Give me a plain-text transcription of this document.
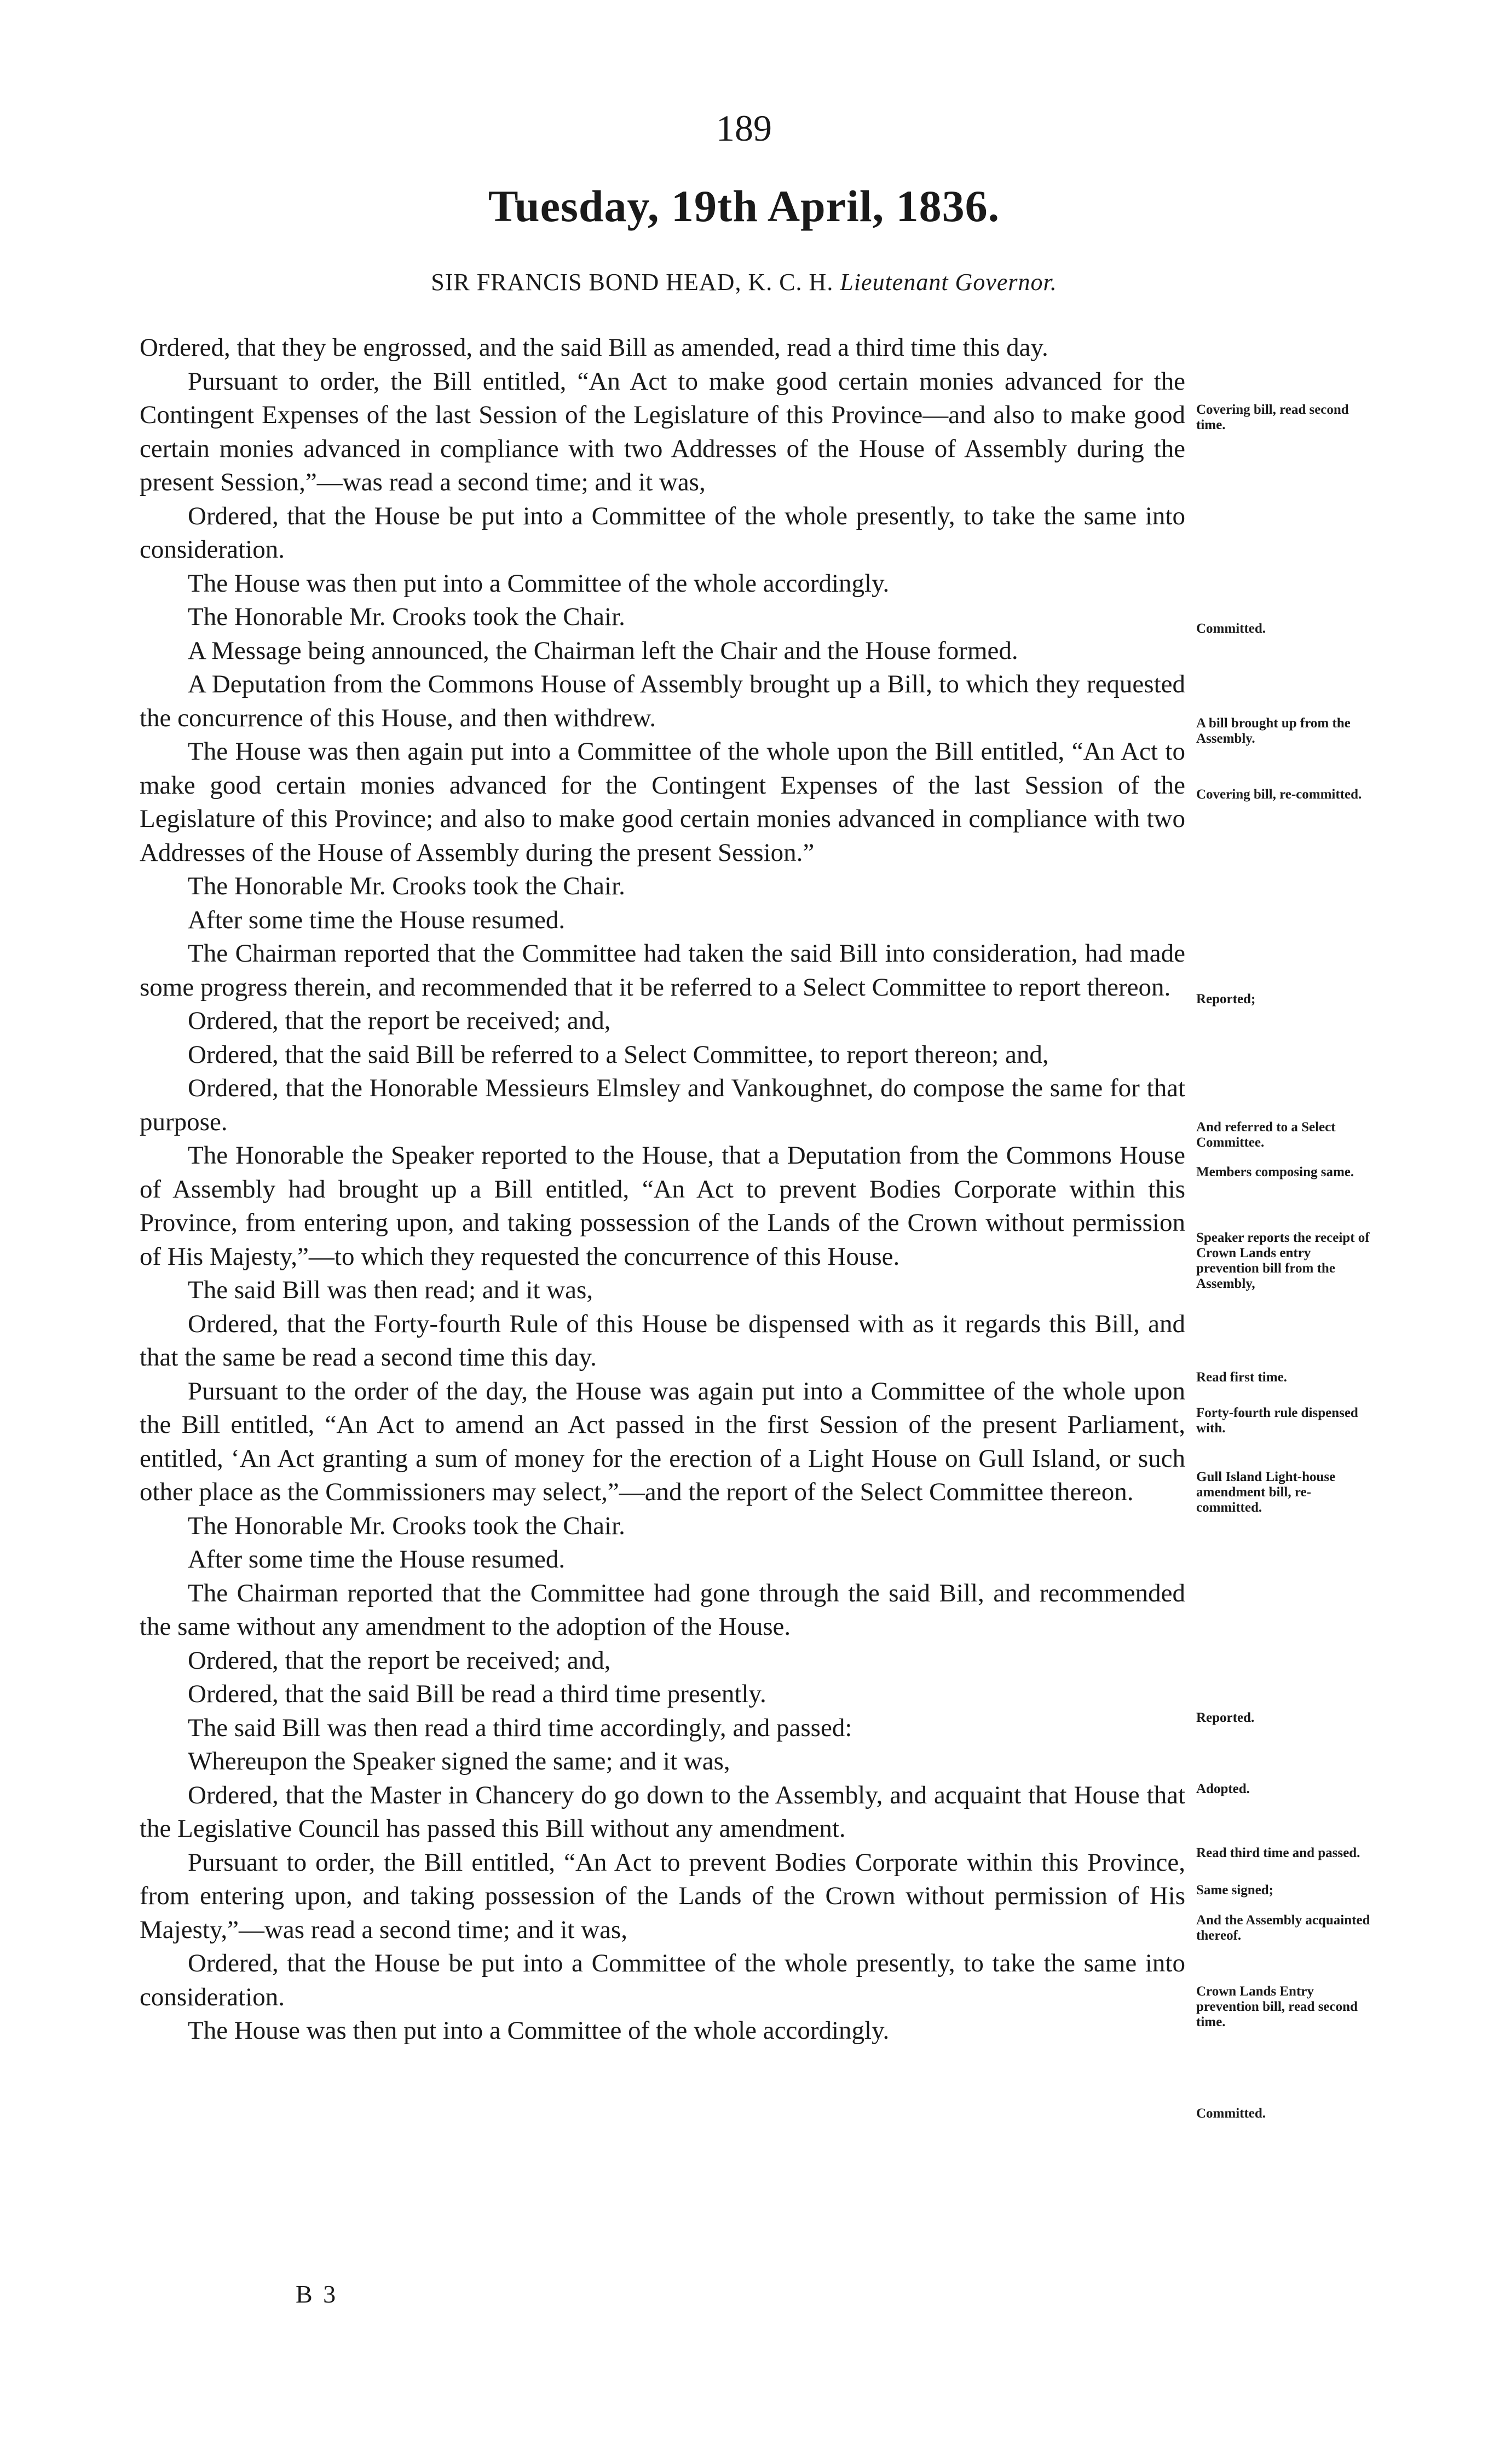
189
Tuesday, 19th April, 1836.
SIR FRANCIS BOND HEAD, K. C. H. Lieutenant Governor.

Ordered, that they be engrossed, and the said Bill as amended, read a third time this day.

Pursuant to order, the Bill entitled, “An Act to make good certain monies advanced for the Contingent Expenses of the last Session of the Legislature of this Province—and also to make good certain monies advanced in compliance with two Addresses of the House of Assembly during the present Session,”—was read a second time; and it was,

Ordered, that the House be put into a Committee of the whole presently, to take the same into consideration.

The House was then put into a Committee of the whole accordingly.

The Honorable Mr. Crooks took the Chair.

A Message being announced, the Chairman left the Chair and the House formed.

A Deputation from the Commons House of Assembly brought up a Bill, to which they requested the concurrence of this House, and then withdrew.

The House was then again put into a Committee of the whole upon the Bill entitled, “An Act to make good certain monies advanced for the Contingent Expenses of the last Session of the Legislature of this Province; and also to make good certain monies advanced in compliance with two Addresses of the House of Assembly during the present Session.”

The Honorable Mr. Crooks took the Chair.

After some time the House resumed.

The Chairman reported that the Committee had taken the said Bill into consideration, had made some progress therein, and recommended that it be referred to a Select Committee to report thereon.

Ordered, that the report be received; and,

Ordered, that the said Bill be referred to a Select Committee, to report thereon; and,

Ordered, that the Honorable Messieurs Elmsley and Vankoughnet, do compose the same for that purpose.

The Honorable the Speaker reported to the House, that a Deputation from the Commons House of Assembly had brought up a Bill entitled, “An Act to prevent Bodies Corporate within this Province, from entering upon, and taking possession of the Lands of the Crown without permission of His Majesty,”—to which they requested the concurrence of this House.

The said Bill was then read; and it was,

Ordered, that the Forty-fourth Rule of this House be dispensed with as it regards this Bill, and that the same be read a second time this day.

Pursuant to the order of the day, the House was again put into a Committee of the whole upon the Bill entitled, “An Act to amend an Act passed in the first Session of the present Parliament, entitled, ‘An Act granting a sum of money for the erection of a Light House on Gull Island, or such other place as the Commissioners may select,”—and the report of the Select Committee thereon.

The Honorable Mr. Crooks took the Chair.

After some time the House resumed.

The Chairman reported that the Committee had gone through the said Bill, and recommended the same without any amendment to the adoption of the House.

Ordered, that the report be received; and,

Ordered, that the said Bill be read a third time presently.

The said Bill was then read a third time accordingly, and passed:

Whereupon the Speaker signed the same; and it was,

Ordered, that the Master in Chancery do go down to the Assembly, and acquaint that House that the Legislative Council has passed this Bill without any amendment.

Pursuant to order, the Bill entitled, “An Act to prevent Bodies Corporate within this Province, from entering upon, and taking possession of the Lands of the Crown without permission of His Majesty,”—was read a second time; and it was,

Ordered, that the House be put into a Committee of the whole presently, to take the same into consideration.

The House was then put into a Committee of the whole accordingly.

Covering bill, read second time.
Committed.
A bill brought up from the Assembly.
Covering bill, re-committed.
Reported;
And referred to a Select Committee.
Members composing same.
Speaker reports the receipt of Crown Lands entry prevention bill from the Assembly,
Read first time.
Forty-fourth rule dispensed with.
Gull Island Light-house amendment bill, re-committed.
Reported.
Adopted.
Read third time and passed.
Same signed;
And the Assembly acquainted thereof.
Crown Lands Entry prevention bill, read second time.
Committed.
B 3
